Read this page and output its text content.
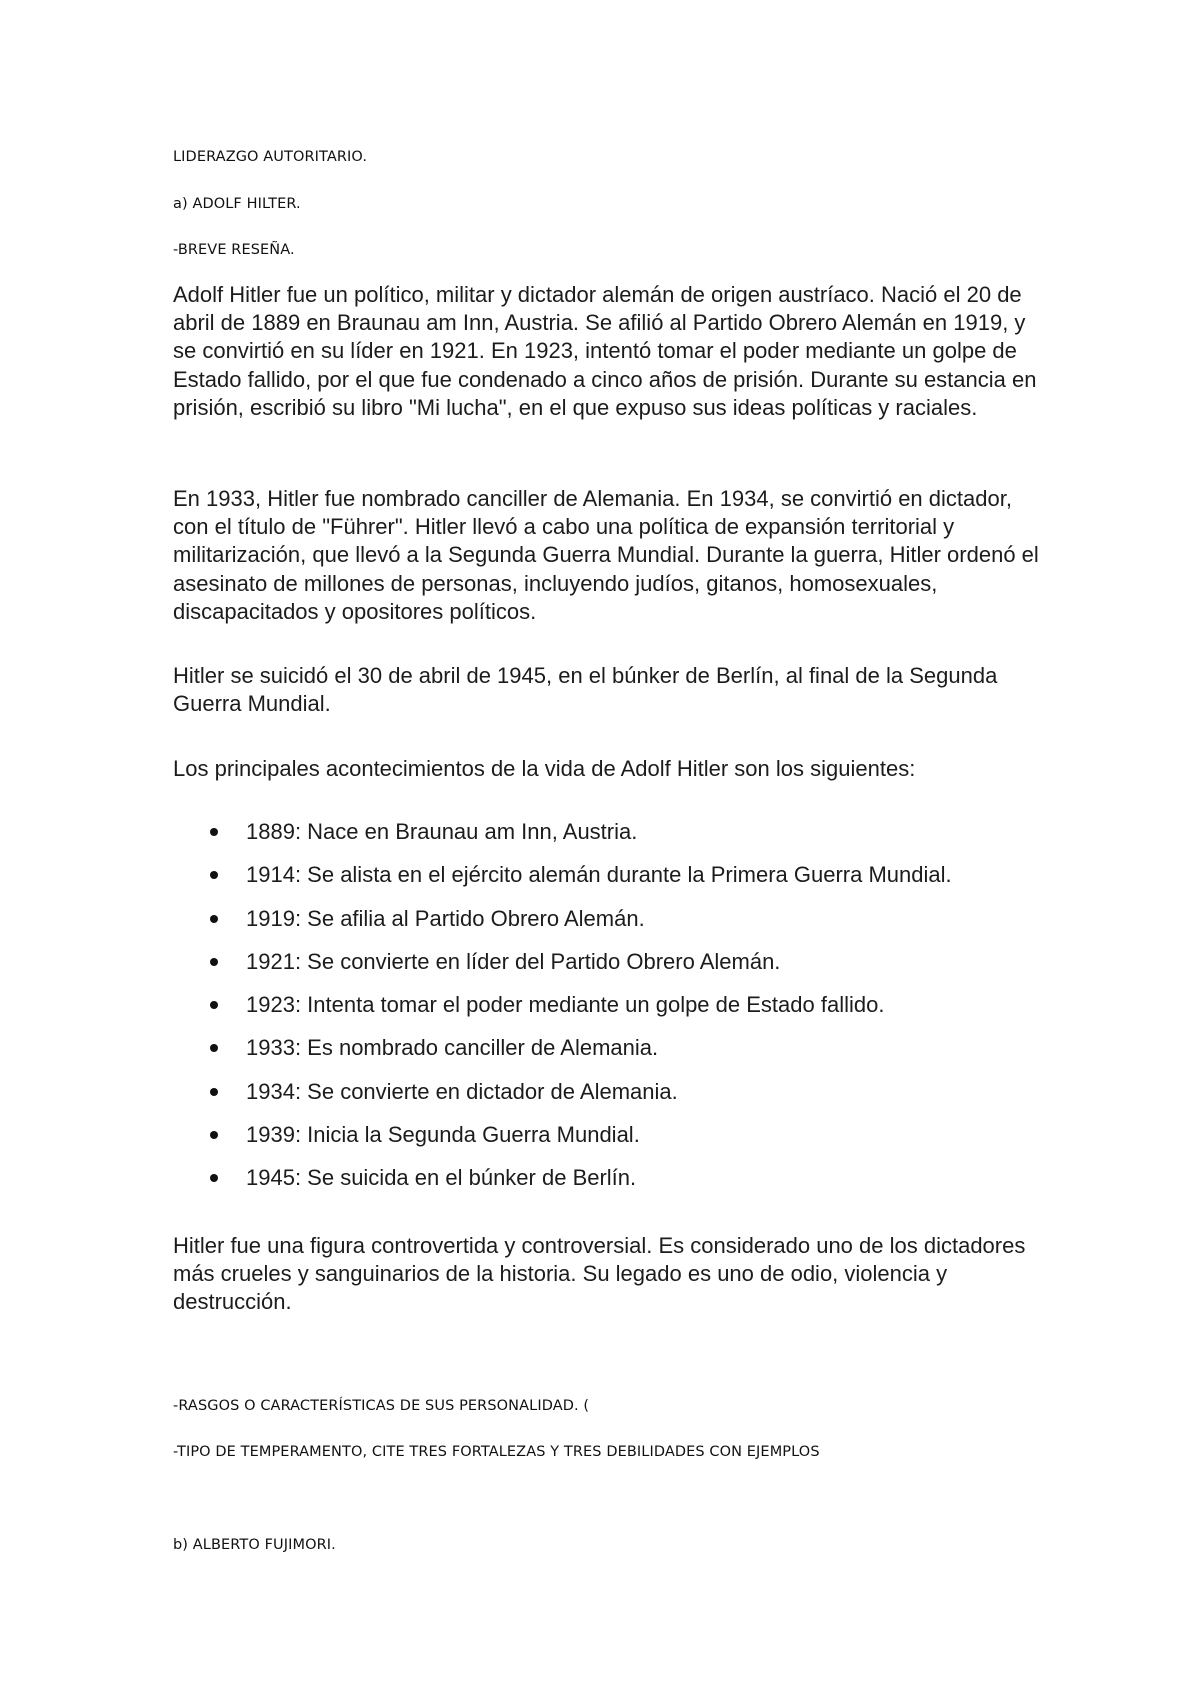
LIDERAZGO AUTORITARIO.
a) ADOLF HILTER.
-BREVE RESEÑA.

Adolf Hitler fue un político, militar y dictador alemán de origen austríaco. Nació el 20 de abril de 1889 en Braunau am Inn, Austria. Se afilió al Partido Obrero Alemán en 1919, y se convirtió en su líder en 1921. En 1923, intentó tomar el poder mediante un golpe de Estado fallido, por el que fue condenado a cinco años de prisión. Durante su estancia en prisión, escribió su libro "Mi lucha", en el que expuso sus ideas políticas y raciales.

En 1933, Hitler fue nombrado canciller de Alemania. En 1934, se convirtió en dictador, con el título de "Führer". Hitler llevó a cabo una política de expansión territorial y militarización, que llevó a la Segunda Guerra Mundial. Durante la guerra, Hitler ordenó el asesinato de millones de personas, incluyendo judíos, gitanos, homosexuales, discapacitados y opositores políticos.

Hitler se suicidó el 30 de abril de 1945, en el búnker de Berlín, al final de la Segunda Guerra Mundial.

Los principales acontecimientos de la vida de Adolf Hitler son los siguientes:

1889: Nace en Braunau am Inn, Austria.
1914: Se alista en el ejército alemán durante la Primera Guerra Mundial.
1919: Se afilia al Partido Obrero Alemán.
1921: Se convierte en líder del Partido Obrero Alemán.
1923: Intenta tomar el poder mediante un golpe de Estado fallido.
1933: Es nombrado canciller de Alemania.
1934: Se convierte en dictador de Alemania.
1939: Inicia la Segunda Guerra Mundial.
1945: Se suicida en el búnker de Berlín.

Hitler fue una figura controvertida y controversial. Es considerado uno de los dictadores más crueles y sanguinarios de la historia. Su legado es uno de odio, violencia y destrucción.

-RASGOS O CARACTERÍSTICAS DE SUS PERSONALIDAD. (
-TIPO DE TEMPERAMENTO, CITE TRES FORTALEZAS Y TRES DEBILIDADES CON EJEMPLOS
b) ALBERTO FUJIMORI.
